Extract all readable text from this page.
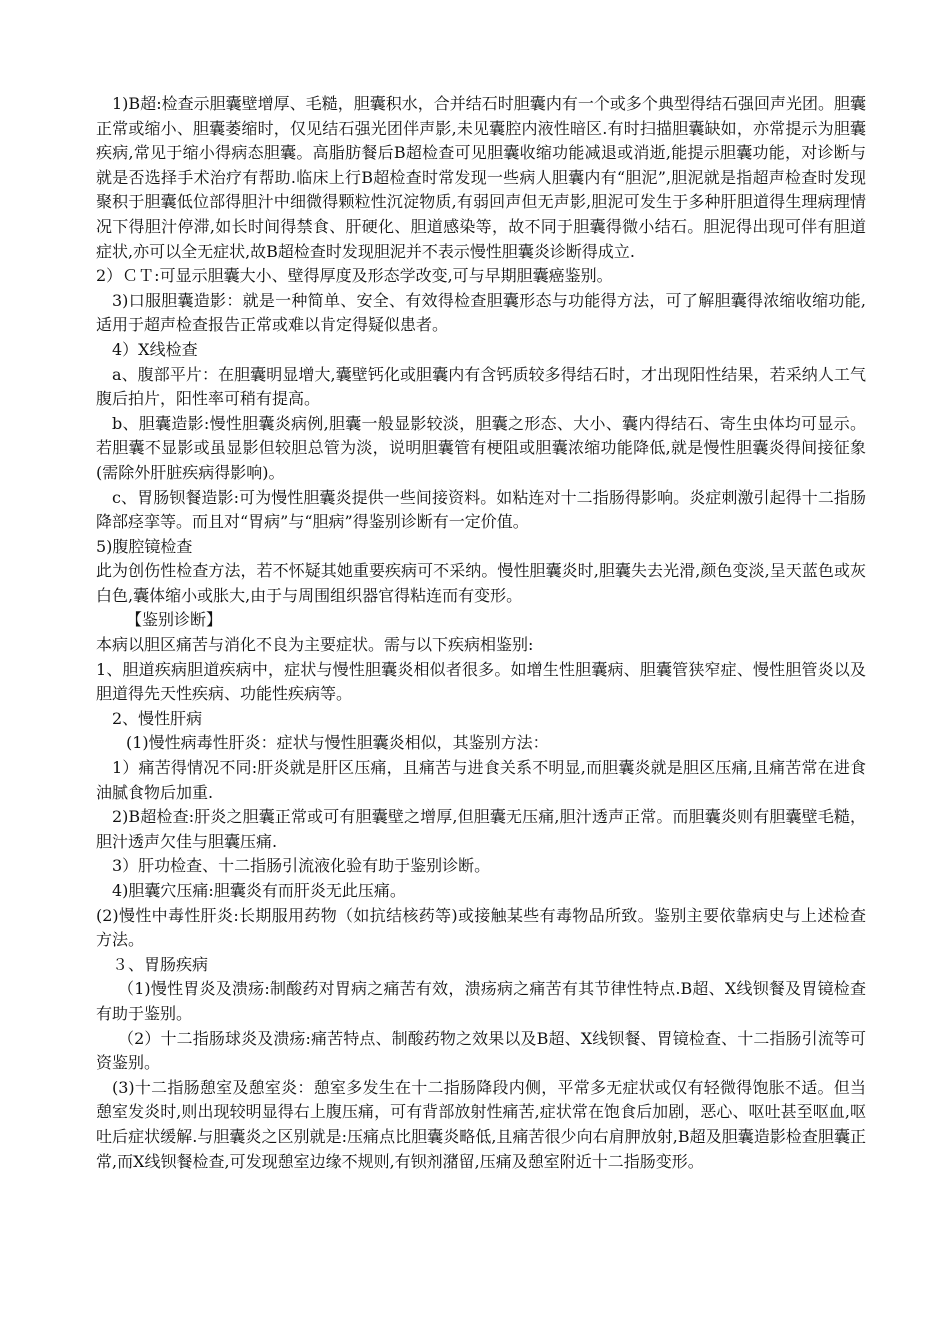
1)B超:检查示胆囊壁增厚、毛糙，胆囊积水，合并结石时胆囊内有一个或多个典型得结石强回声光团。胆囊正常或缩小、胆囊萎缩时，仅见结石强光团伴声影,未见囊腔内液性暗区.有时扫描胆囊缺如，亦常提示为胆囊疾病,常见于缩小得病态胆囊。高脂肪餐后B超检查可见胆囊收缩功能减退或消逝,能提示胆囊功能，对诊断与就是否选择手术治疗有帮助.临床上行B超检查时常发现一些病人胆囊内有“胆泥”,胆泥就是指超声检查时发现聚积于胆囊低位部得胆汁中细微得颗粒性沉淀物质,有弱回声但无声影,胆泥可发生于多种肝胆道得生理病理情况下得胆汁停滞,如长时间得禁食、肝硬化、胆道感染等，故不同于胆囊得微小结石。胆泥得出现可伴有胆道症状,亦可以全无症状,故B超检查时发现胆泥并不表示慢性胆囊炎诊断得成立.

2）ＣＴ:可显示胆囊大小、壁得厚度及形态学改变,可与早期胆囊癌鉴别。

3)口服胆囊造影：就是一种简单、安全、有效得检查胆囊形态与功能得方法，可了解胆囊得浓缩收缩功能,适用于超声检查报告正常或难以肯定得疑似患者。

4）X线检查

a、腹部平片：在胆囊明显增大,囊壁钙化或胆囊内有含钙质较多得结石时，才出现阳性结果，若采纳人工气腹后拍片，阳性率可稍有提高。

b、胆囊造影:慢性胆囊炎病例,胆囊一般显影较淡，胆囊之形态、大小、囊内得结石、寄生虫体均可显示。若胆囊不显影或虽显影但较胆总管为淡，说明胆囊管有梗阻或胆囊浓缩功能降低,就是慢性胆囊炎得间接征象(需除外肝脏疾病得影响)。

c、胃肠钡餐造影:可为慢性胆囊炎提供一些间接资料。如粘连对十二指肠得影响。炎症刺激引起得十二指肠降部痉挛等。而且对“胃病”与“胆病”得鉴别诊断有一定价值。

5)腹腔镜检查

此为创伤性检查方法，若不怀疑其她重要疾病可不采纳。慢性胆囊炎时,胆囊失去光滑,颜色变淡,呈天蓝色或灰白色,囊体缩小或胀大,由于与周围组织器官得粘连而有变形。

【鉴别诊断】

本病以胆区痛苦与消化不良为主要症状。需与以下疾病相鉴别:

1、胆道疾病胆道疾病中，症状与慢性胆囊炎相似者很多。如增生性胆囊病、胆囊管狭窄症、慢性胆管炎以及胆道得先天性疾病、功能性疾病等。

2、慢性肝病

(1)慢性病毒性肝炎：症状与慢性胆囊炎相似，其鉴别方法：

1）痛苦得情况不同:肝炎就是肝区压痛，且痛苦与进食关系不明显,而胆囊炎就是胆区压痛,且痛苦常在进食油腻食物后加重.

2)B超检查:肝炎之胆囊正常或可有胆囊壁之增厚,但胆囊无压痛,胆汁透声正常。而胆囊炎则有胆囊壁毛糙，胆汁透声欠佳与胆囊压痛.

3）肝功检查、十二指肠引流液化验有助于鉴别诊断。

4)胆囊穴压痛:胆囊炎有而肝炎无此压痛。

(2)慢性中毒性肝炎:长期服用药物（如抗结核药等)或接触某些有毒物品所致。鉴别主要依靠病史与上述检查方法。

３、胃肠疾病

（1)慢性胃炎及溃疡:制酸药对胃病之痛苦有效，溃疡病之痛苦有其节律性特点.B超、X线钡餐及胃镜检查有助于鉴别。

（2）十二指肠球炎及溃疡:痛苦特点、制酸药物之效果以及B超、X线钡餐、胃镜检查、十二指肠引流等可资鉴别。

(3)十二指肠憩室及憩室炎：憩室多发生在十二指肠降段内侧，平常多无症状或仅有轻微得饱胀不适。但当憩室发炎时,则出现较明显得右上腹压痛，可有背部放射性痛苦,症状常在饱食后加剧，恶心、呕吐甚至呕血,呕吐后症状缓解.与胆囊炎之区别就是:压痛点比胆囊炎略低,且痛苦很少向右肩胛放射,B超及胆囊造影检查胆囊正常,而X线钡餐检查,可发现憩室边缘不规则,有钡剂潴留,压痛及憩室附近十二指肠变形。
